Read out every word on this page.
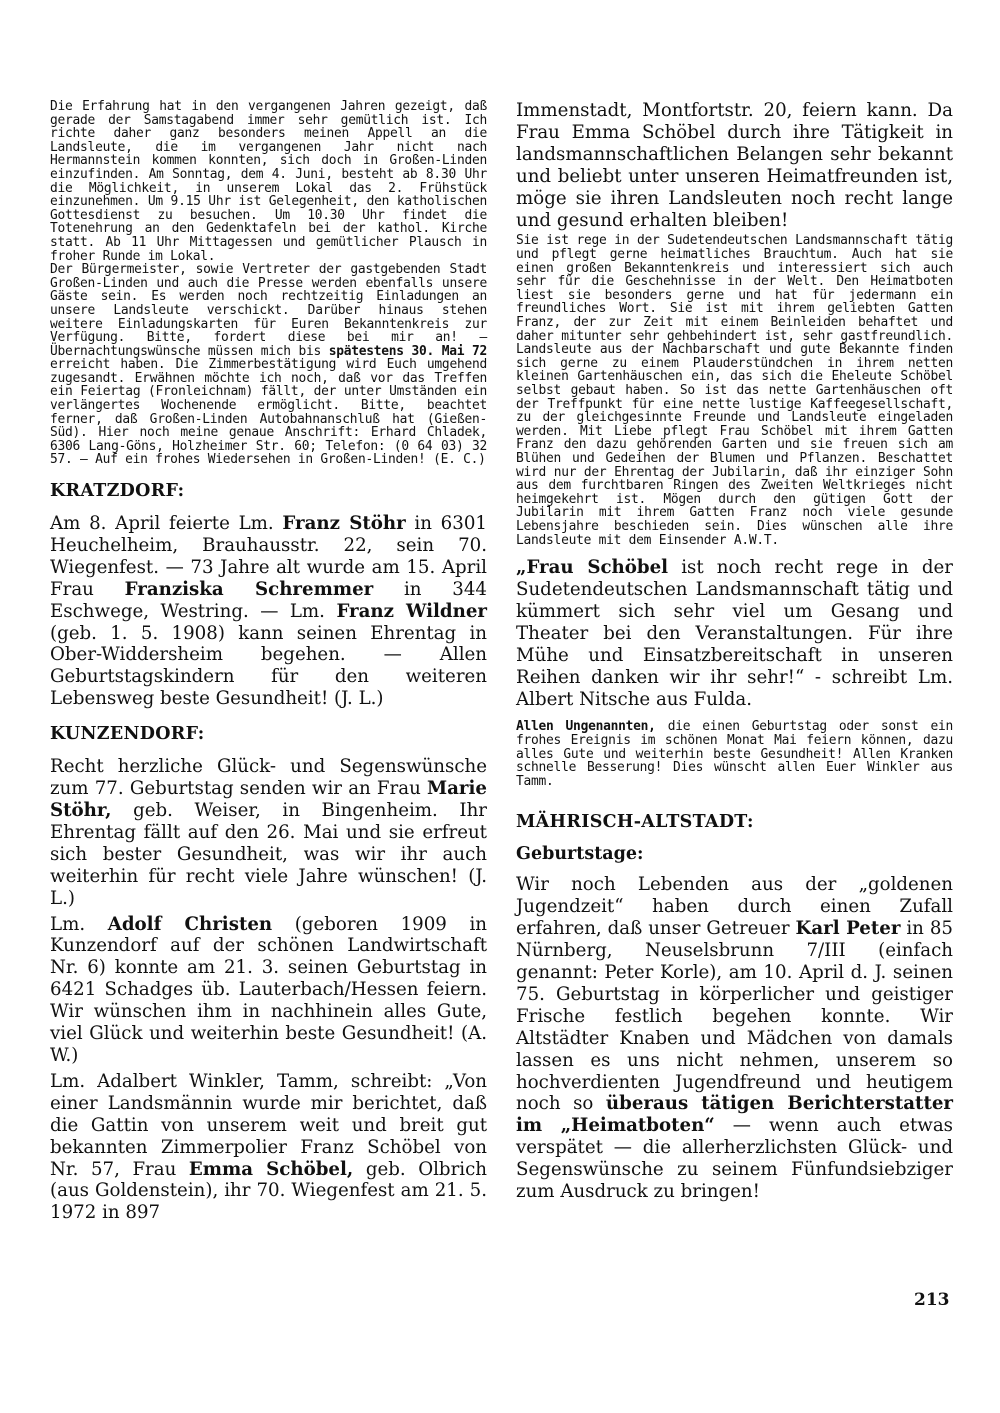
Die Erfahrung hat in den vergangenen Jahren gezeigt, daß gerade der Samstagabend immer sehr gemütlich ist. Ich richte daher ganz besonders meinen Appell an die Landsleute, die im vergangenen Jahr nicht nach Hermannstein kommen konnten, sich doch in Großen-Linden einzufinden. Am Sonntag, dem 4. Juni, besteht ab 8.30 Uhr die Möglichkeit, in unserem Lokal das 2. Frühstück einzunehmen. Um 9.15 Uhr ist Gelegenheit, den katholischen Gottesdienst zu besuchen. Um 10.30 Uhr findet die Totenehrung an den Gedenktafeln bei der kathol. Kirche statt. Ab 11 Uhr Mittagessen und gemütlicher Plausch in froher Runde im Lokal.

Der Bürgermeister, sowie Vertreter der gastgebenden Stadt Großen-Linden und auch die Presse werden ebenfalls unsere Gäste sein. Es werden noch rechtzeitig Einladungen an unsere Landsleute verschickt. Darüber hinaus stehen weitere Einladungskarten für Euren Bekanntenkreis zur Verfügung. Bitte, fordert diese bei mir an! — Übernachtungswünsche müssen mich bis spätestens 30. Mai 72 erreicht haben. Die Zimmerbestätigung wird Euch umgehend zugesandt. Erwähnen möchte ich noch, daß vor das Treffen ein Feiertag (Fronleichnam) fällt, der unter Umständen ein verlängertes Wochenende ermöglicht. Bitte, beachtet ferner, daß Großen-Linden Autobahnanschluß hat (Gießen-Süd). Hier noch meine genaue Anschrift: Erhard Chladek, 6306 Lang-Göns, Holzheimer Str. 60; Telefon: (0 64 03) 32 57. — Auf ein frohes Wiedersehen in Großen-Linden! (E. C.)

KRATZDORF:

Am 8. April feierte Lm. Franz Stöhr in 6301 Heuchelheim, Brauhausstr. 22, sein 70. Wiegenfest. — 73 Jahre alt wurde am 15. April Frau Franziska Schremmer in 344 Eschwege, Westring. — Lm. Franz Wildner (geb. 1. 5. 1908) kann seinen Ehrentag in Ober-Widdersheim begehen. — Allen Geburtstagskindern für den weiteren Lebensweg beste Gesundheit! (J. L.)

KUNZENDORF:

Recht herzliche Glück- und Segenswünsche zum 77. Geburtstag senden wir an Frau Marie Stöhr, geb. Weiser, in Bingenheim. Ihr Ehrentag fällt auf den 26. Mai und sie erfreut sich bester Gesundheit, was wir ihr auch weiterhin für recht viele Jahre wünschen! (J. L.)

Lm. Adolf Christen (geboren 1909 in Kunzendorf auf der schönen Landwirtschaft Nr. 6) konnte am 21. 3. seinen Geburtstag in 6421 Schadges üb. Lauterbach/Hessen feiern. Wir wünschen ihm in nachhinein alles Gute, viel Glück und weiterhin beste Gesundheit! (A. W.)

Lm. Adalbert Winkler, Tamm, schreibt: „Von einer Landsmännin wurde mir berichtet, daß die Gattin von unserem weit und breit gut bekannten Zimmerpolier Franz Schöbel von Nr. 57, Frau Emma Schöbel, geb. Olbrich (aus Goldenstein), ihr 70. Wiegenfest am 21. 5. 1972 in 897

Immenstadt, Montfortstr. 20, feiern kann. Da Frau Emma Schöbel durch ihre Tätigkeit in landsmannschaftlichen Belangen sehr bekannt und beliebt unter unseren Heimatfreunden ist, möge sie ihren Landsleuten noch recht lange und gesund erhalten bleiben!

Sie ist rege in der Sudetendeutschen Landsmannschaft tätig und pflegt gerne heimatliches Brauchtum. Auch hat sie einen großen Bekanntenkreis und interessiert sich auch sehr für die Geschehnisse in der Welt. Den Heimatboten liest sie besonders gerne und hat für jedermann ein freundliches Wort. Sie ist mit ihrem geliebten Gatten Franz, der zur Zeit mit einem Beinleiden behaftet und daher mitunter sehr gehbehindert ist, sehr gastfreundlich. Landsleute aus der Nachbarschaft und gute Bekannte finden sich gerne zu einem Plauderstündchen in ihrem netten kleinen Gartenhäuschen ein, das sich die Eheleute Schöbel selbst gebaut haben. So ist das nette Gartenhäuschen oft der Treffpunkt für eine nette lustige Kaffeegesellschaft, zu der gleichgesinnte Freunde und Landsleute eingeladen werden. Mit Liebe pflegt Frau Schöbel mit ihrem Gatten Franz den dazu gehörenden Garten und sie freuen sich am Blühen und Gedeihen der Blumen und Pflanzen. Beschattet wird nur der Ehrentag der Jubilarin, daß ihr einziger Sohn aus dem furchtbaren Ringen des Zweiten Weltkrieges nicht heimgekehrt ist. Mögen durch den gütigen Gott der Jubilarin mit ihrem Gatten Franz noch viele gesunde Lebensjahre beschieden sein. Dies wünschen alle ihre Landsleute mit dem Einsender A.W.T.

„Frau Schöbel ist noch recht rege in der Sudetendeutschen Landsmannschaft tätig und kümmert sich sehr viel um Gesang und Theater bei den Veranstaltungen. Für ihre Mühe und Einsatzbereitschaft in unseren Reihen danken wir ihr sehr!“ - schreibt Lm. Albert Nitsche aus Fulda.

Allen Ungenannten, die einen Geburtstag oder sonst ein frohes Ereignis im schönen Monat Mai feiern können, dazu alles Gute und weiterhin beste Gesundheit! Allen Kranken schnelle Besserung! Dies wünscht allen Euer Winkler aus Tamm.

MÄHRISCH-ALTSTADT:
Geburtstage:

Wir noch Lebenden aus der „goldenen Jugendzeit“ haben durch einen Zufall erfahren, daß unser Getreuer Karl Peter in 85 Nürnberg, Neuselsbrunn 7/III (einfach genannt: Peter Korle), am 10. April d. J. seinen 75. Geburtstag in körperlicher und geistiger Frische festlich begehen konnte. Wir Altstädter Knaben und Mädchen von damals lassen es uns nicht nehmen, unserem so hochverdienten Jugendfreund und heutigem noch so überaus tätigen Berichterstatter im „Heimatboten“ — wenn auch etwas verspätet — die allerherzlichsten Glück- und Segenswünsche zu seinem Fünfundsiebziger zum Ausdruck zu bringen!

213
